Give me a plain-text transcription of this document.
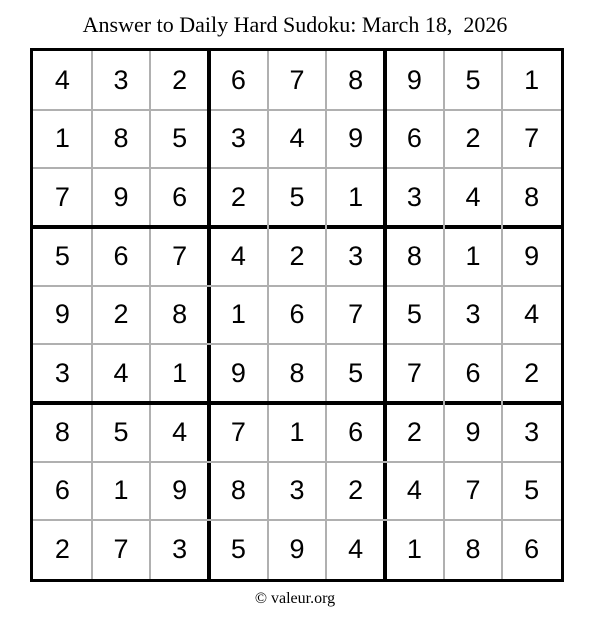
Answer to Daily Hard Sudoku: March 18,  2026
4	3	2	6	7	8	9	5	1
1	8	5	3	4	9	6	2	7
7	9	6	2	5	1	3	4	8
5	6	7	4	2	3	8	1	9
9	2	8	1	6	7	5	3	4
3	4	1	9	8	5	7	6	2
8	5	4	7	1	6	2	9	3
6	1	9	8	3	2	4	7	5
2	7	3	5	9	4	1	8	6
© valeur.org
